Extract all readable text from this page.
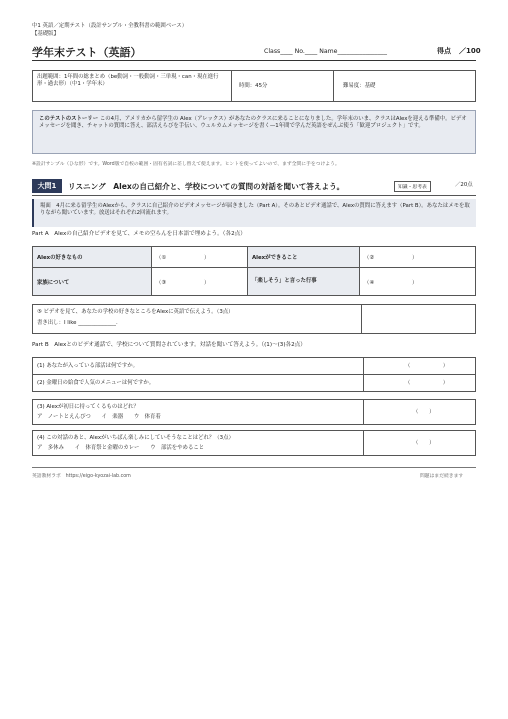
中1 英語／定期テスト（設計サンプル・全教科書の範囲ベース）
【基礎版】
学年末テスト（英語）	Class____ No.____ Name________________	得点 ／100
出題範囲：1年間の総まとめ（be動詞・一般動詞・三単現・can・現在進行形・過去形）（中1・学年末）	時間：45分	難易度：基礎
このテストのストーリー この4月、アメリカから留学生の Alex（アレックス）があなたのクラスに来ることになりました。学年末のいま、クラスはAlexを迎える準備中。ビデオメッセージを聞き、チャットの質問に答え、部活えらびを手伝い、ウェルカムメッセージを書く—1年間で学んだ英語をぜんぶ使う「歓迎プロジェクト」です。
※設計サンプル（ひな形）です。Word版で自校の範囲・固有名詞に差し替えて使えます。ヒントを使ってよいので、まず全問に手をつけよう。
大問1	リスニング　Alexの自己紹介と、学校についての質問の対話を聞いて答えよう。	知識・思考表	／20点
場面　4月に来る留学生のAlexから、クラスに自己紹介のビデオメッセージが届きました（Part A）。そのあとビデオ通話で、Alexの質問に答えます（Part B）。あなたはメモを取りながら聞いています。放送はそれぞれ2回流れます。
Part A　Alexの自己紹介ビデオを見て、メモの空らんを日本語で埋めよう。（各2点）
Alexの好きなもの	（①　　　　　　　）	Alexができること	（②　　　　　　　）
家族について	（③　　　　　　　）	「楽しそう」と言った行事	（④　　　　　　　）
⑤ ビデオを見て、あなたの学校の好きなところをAlexに英語で伝えよう。（3点）
書き出し：I like ______________.
Part B　Alexとのビデオ通話で、学校について質問されています。対話を聞いて答えよう。（(1)〜(3)各2点）
(1) あなたが入っている部活は何ですか。	（　　　　　　）
(2) 金曜日の給食で人気のメニューは何ですか。	（　　　　　　）
(3) Alexが初日に持ってくるものはどれ？
ア　ノートとえんぴつ　　イ　楽器　　ウ　体育着
（　　）
(4) この対話のあと、Alexがいちばん楽しみにしていそうなことはどれ？（3点）
ア　多休み　　イ　体育祭と金曜のカレー　　ウ　部活をやめること
（　　）
英語教材ラボ　https://eigo-kyozai-lab.com	問題はまだ続きます
